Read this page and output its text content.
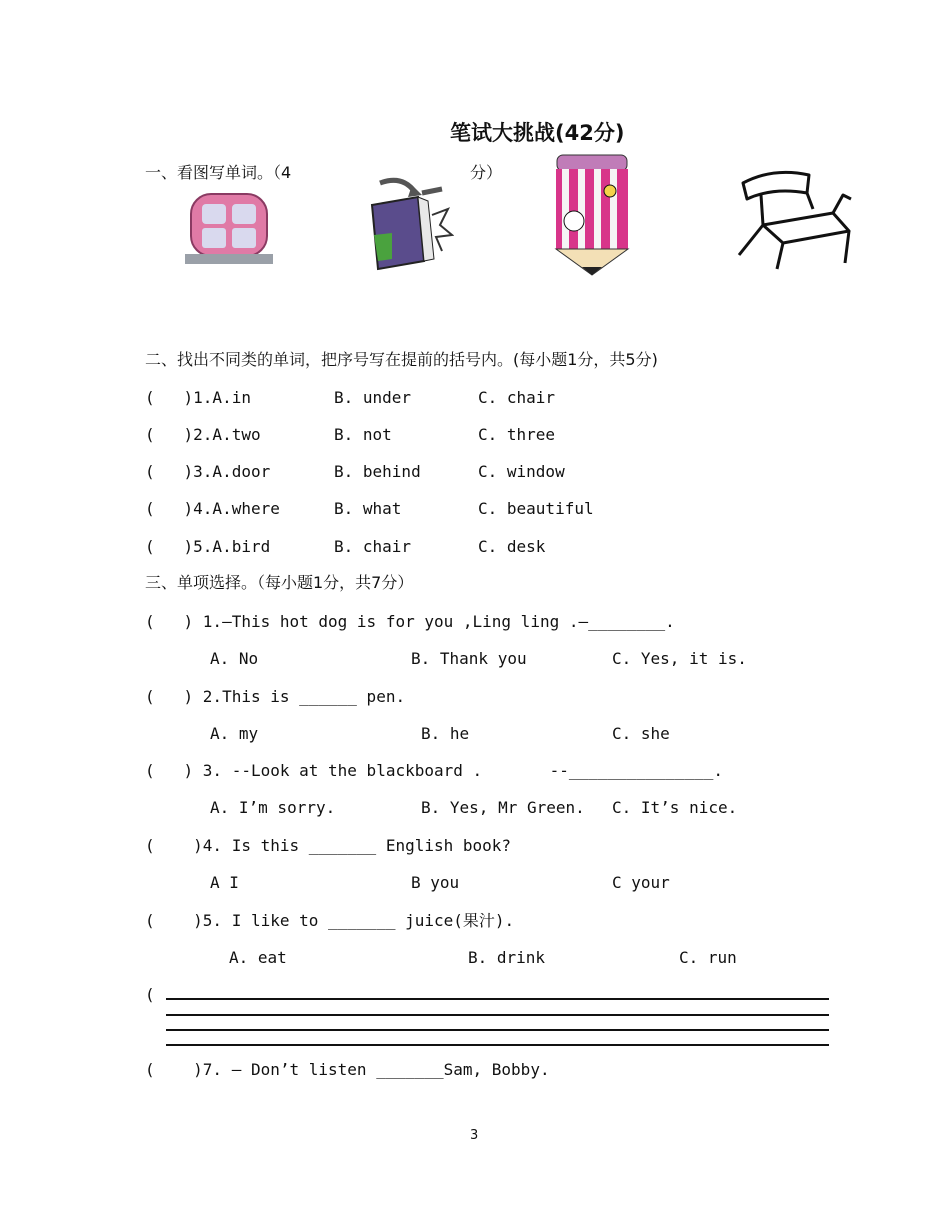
笔试大挑战(42分)
一、看图写单词。（4	分）
二、找出不同类的单词，把序号写在提前的括号内。(每小题1分，共5分)
(   )1.A.in	B. under	C. chair
(   )2.A.two	B. not	C. three
(   )3.A.door	B. behind	C. window
(   )4.A.where	B. what	C. beautiful
(   )5.A.bird	B. chair	C. desk
三、单项选择。（每小题1分，共7分）
(   ) 1.—This hot dog is for you ,Ling ling .—________.
A. No	B. Thank you	C. Yes, it is.
(   ) 2.This is ______ pen.
A. my	B. he	C. she
(   ) 3. --Look at the blackboard .       --_______________.
A. I’m sorry.	B. Yes, Mr Green. C. It’s nice.
(    )4. Is this _______ English book?
A I	B you	C your
(    )5. I like to _______ juice(果汁).
A. eat	B. drink	C. run
(
(    )7. — Don’t listen _______Sam, Bobby.
3
